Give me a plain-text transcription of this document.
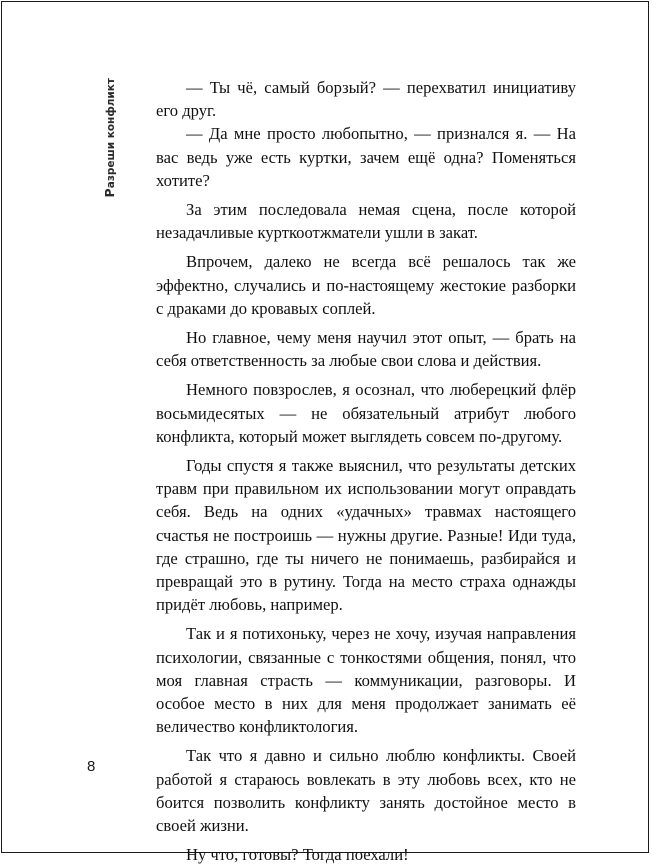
Разреши конфликт	— Ты чё, самый борзый? — перехватил инициативу его друг.

— Да мне просто любопытно, — признался я. — На вас ведь уже есть куртки, зачем ещё одна? Поменяться хотите?

За этим последовала немая сцена, после которой незадачливые курткоотжматели ушли в закат.

Впрочем, далеко не всегда всё решалось так же эффектно, случались и по-настоящему жестокие разборки с драками до кровавых соплей.

Но главное, чему меня научил этот опыт, — брать на себя ответственность за любые свои слова и действия.

Немного повзрослев, я осознал, что люберецкий флёр восьмидесятых — не обязательный атрибут любого конфликта, который может выглядеть совсем по-другому.

Годы спустя я также выяснил, что результаты детских травм при правильном их использовании могут оправдать себя. Ведь на одних «удачных» травмах настоящего счастья не построишь — нужны другие. Разные! Иди туда, где страшно, где ты ничего не понимаешь, разбирайся и превращай это в рутину. Тогда на место страха однажды придёт любовь, например.

Так и я потихоньку, через не хочу, изучая направления психологии, связанные с тонкостями общения, понял, что моя главная страсть — коммуникации, разговоры. И особое место в них для меня продолжает занимать её величество конфликтология.

Так что я давно и сильно люблю конфликты. Своей работой я стараюсь вовлекать в эту любовь всех, кто не боится позволить конфликту занять достойное место в своей жизни.

Ну что, готовы? Тогда поехали!

8
